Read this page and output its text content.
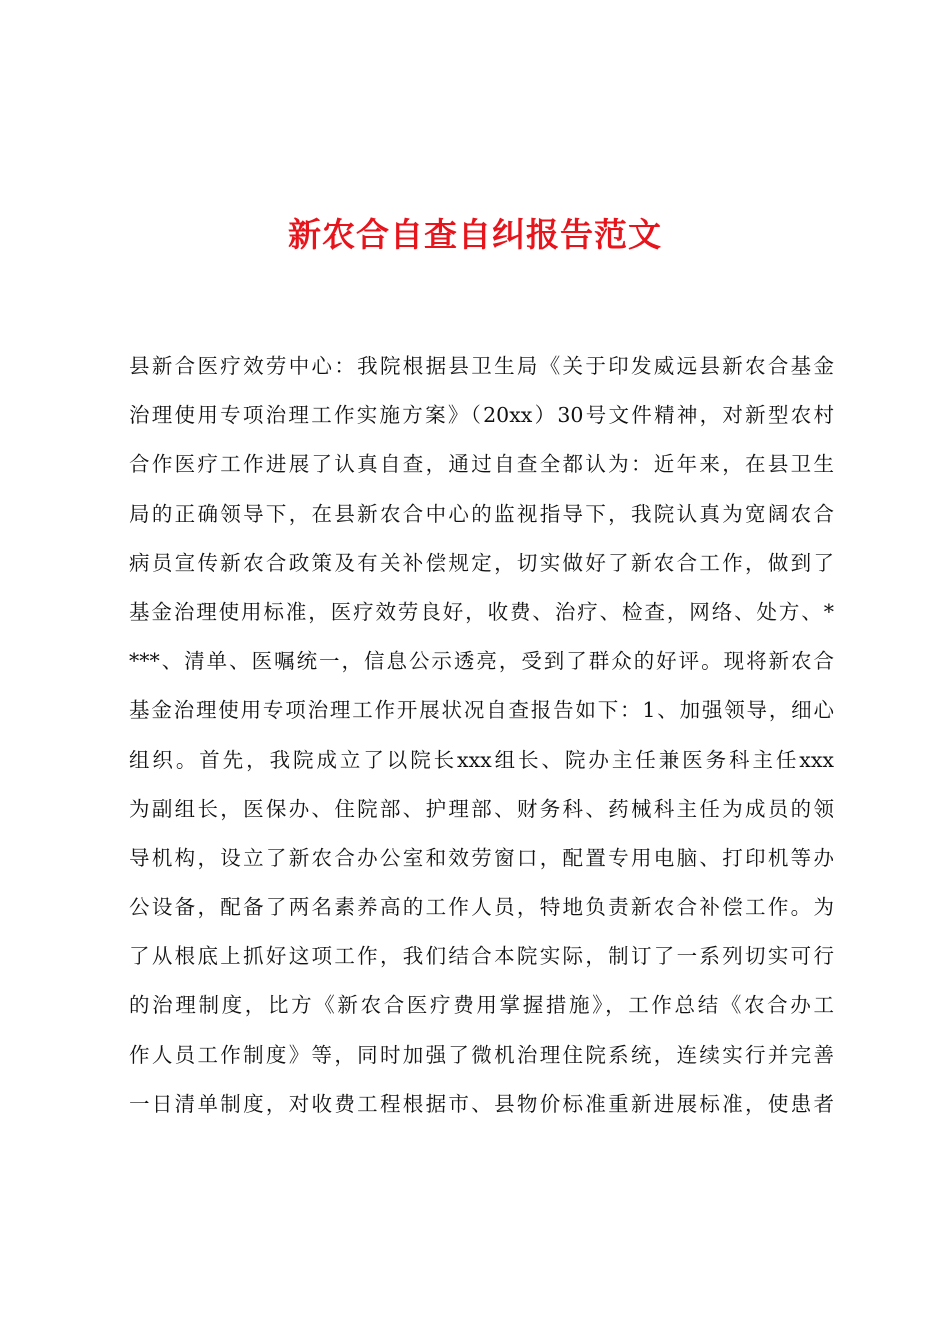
新农合自查自纠报告范文
县新合医疗效劳中心：我院根据县卫生局《关于印发威远县新农合基金
治理使用专项治理工作实施方案》（20xx）30号文件精神，对新型农村
合作医疗工作进展了认真自查，通过自查全都认为：近年来，在县卫生
局的正确领导下，在县新农合中心的监视指导下，我院认真为宽阔农合
病员宣传新农合政策及有关补偿规定，切实做好了新农合工作，做到了
基金治理使用标准，医疗效劳良好，收费、治疗、检查，网络、处方、*
***、清单、医嘱统一，信息公示透亮，受到了群众的好评。现将新农合
基金治理使用专项治理工作开展状况自查报告如下：1、加强领导，细心
组织。首先，我院成立了以院长xxx组长、院办主任兼医务科主任xxx
为副组长，医保办、住院部、护理部、财务科、药械科主任为成员的领
导机构，设立了新农合办公室和效劳窗口，配置专用电脑、打印机等办
公设备，配备了两名素养高的工作人员，特地负责新农合补偿工作。为
了从根底上抓好这项工作，我们结合本院实际，制订了一系列切实可行
的治理制度，比方《新农合医疗费用掌握措施》，工作总结《农合办工
作人员工作制度》等，同时加强了微机治理住院系统，连续实行并完善
一日清单制度，对收费工程根据市、县物价标准重新进展标准，使患者
